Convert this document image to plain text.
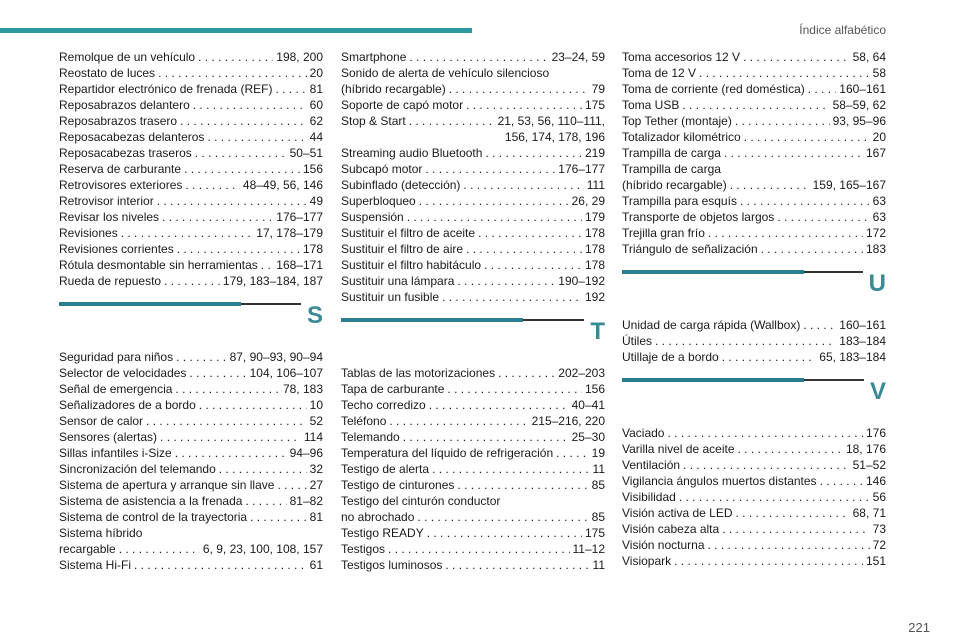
Índice alfabético
Remolque de un vehículo . . .	198, 200
Reostato de luces . . .	20
Repartidor electrónico de frenada (REF) . . .	81
Reposabrazos delantero . . .	60
Reposabrazos trasero . . .	62
Reposacabezas delanteros . . .	44
Reposacabezas traseros . . .	50–51
Reserva de carburante . . .	156
Retrovisores exteriores . . .	48–49, 56, 146
Retrovisor interior . . .	49
Revisar los niveles . . .	176–177
Revisiones . . .	17, 178–179
Revisiones corrientes . . .	178
Rótula desmontable sin herramientas . . . 168–171
Rueda de repuesto . . .	179, 183–184, 187
S
Seguridad para niños . . .	87, 90–93, 90–94
Selector de velocidades . . .	104, 106–107
Señal de emergencia . . .	78, 183
Señalizadores de a bordo . . .	10
Sensor de calor . . .	52
Sensores (alertas) . . .	114
Sillas infantiles i-Size . . .	94–96
Sincronización del telemando . . .	32
Sistema de apertura y arranque sin llave . . .	27
Sistema de asistencia a la frenada . . .	81–82
Sistema de control de la trayectoria . . .	81
Sistema híbrido
recargable . . .	6, 9, 23, 100, 108, 157
Sistema Hi-Fi . . .	61
Smartphone . . .	23–24, 59
Sonido de alerta de vehículo silencioso
(híbrido recargable) . . .	79
Soporte de capó motor . . .	175
Stop & Start . . .	21, 53, 56, 110–111,
156, 174, 178, 196
Streaming audio Bluetooth . . .	219
Subcapó motor . . .	176–177
Subinflado (detección) . . .	111
Superbloqueo . . .	26, 29
Suspensión . . .	179
Sustituir el filtro de aceite . . .	178
Sustituir el filtro de aire . . .	178
Sustituir el filtro habitáculo . . .	178
Sustituir una lámpara . . .	190–192
Sustituir un fusible . . .	192
T
Tablas de las motorizaciones . . .	202–203
Tapa de carburante . . .	156
Techo corredizo . . .	40–41
Teléfono . . .	215–216, 220
Telemando . . .	25–30
Temperatura del líquido de refrigeración . . .	19
Testigo de alerta . . .	11
Testigo de cinturones . . .	85
Testigo del cinturón conductor
no abrochado . . .	85
Testigo READY . . .	175
Testigos . . .	11–12
Testigos luminosos . . .	11
Toma accesorios 12 V . . .	58, 64
Toma de 12 V . . .	58
Toma de corriente (red doméstica) . . .	160–161
Toma USB . . .	58–59, 62
Top Tether (montaje) . . .	93, 95–96
Totalizador kilométrico . . .	20
Trampilla de carga . . .	167
Trampilla de carga
(híbrido recargable) . . .	159, 165–167
Trampilla para esquís . . .	63
Transporte de objetos largos . . .	63
Trejilla gran frío . . .	172
Triángulo de señalización . . .	183
U
Unidad de carga rápida (Wallbox) . . .	160–161
Útiles . . .	183–184
Utillaje de a bordo . . .	65, 183–184
V
Vaciado . . .	176
Varilla nivel de aceite . . .	18, 176
Ventilación . . .	51–52
Vigilancia ángulos muertos distantes . . .	146
Visibilidad . . .	56
Visión activa de LED . . .	68, 71
Visión cabeza alta . . .	73
Visión nocturna . . .	72
Visiopark . . .	151
221
